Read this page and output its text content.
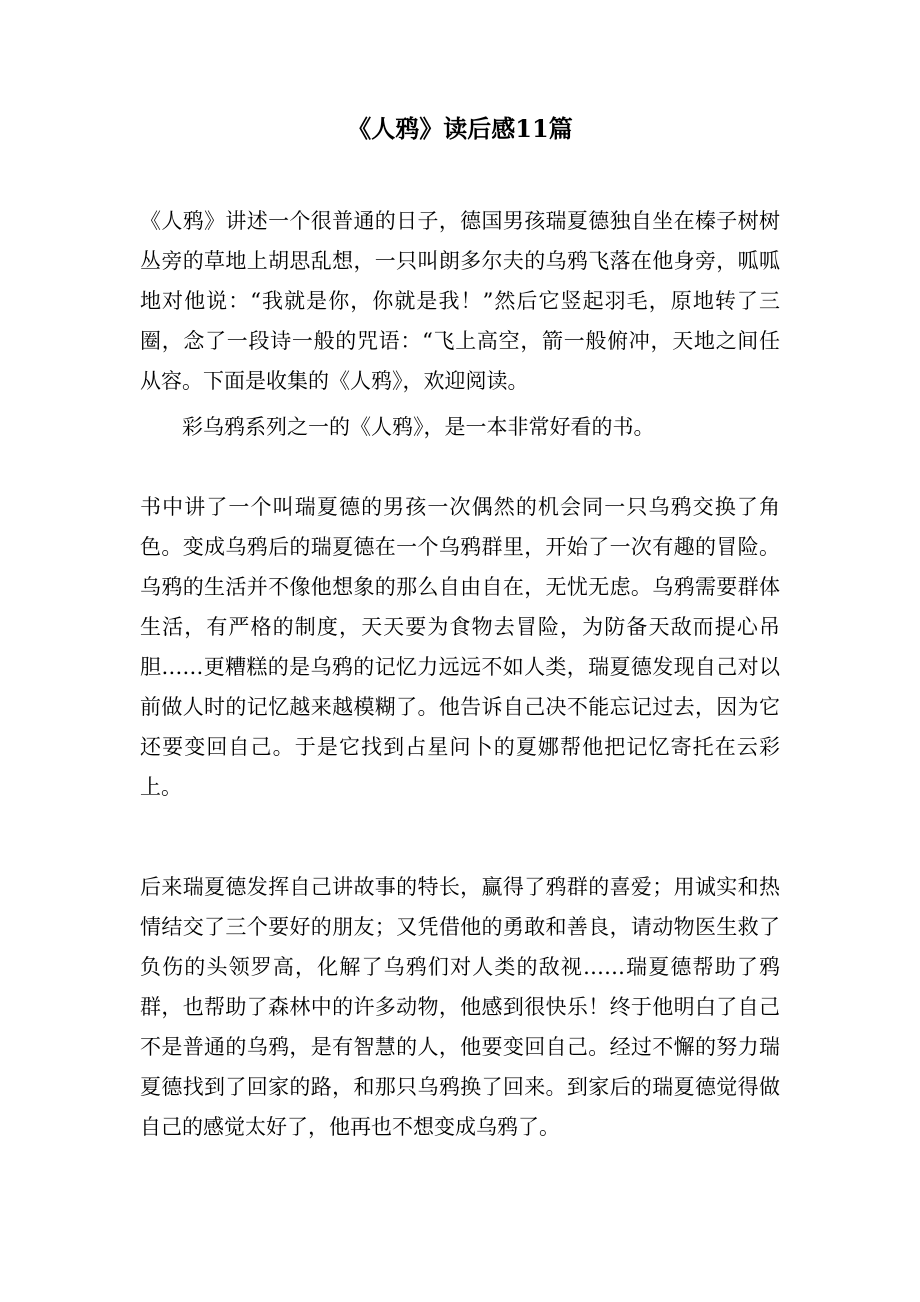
《人鸦》读后感11篇

《人鸦》讲述一个很普通的日子，德国男孩瑞夏德独自坐在榛子树树丛旁的草地上胡思乱想，一只叫朗多尔夫的乌鸦飞落在他身旁，呱呱地对他说：“我就是你，你就是我！”然后它竖起羽毛，原地转了三圈，念了一段诗一般的咒语：“飞上高空，箭一般俯冲，天地之间任从容。下面是收集的《人鸦》，欢迎阅读。

彩乌鸦系列之一的《人鸦》，是一本非常好看的书。

书中讲了一个叫瑞夏德的男孩一次偶然的机会同一只乌鸦交换了角色。变成乌鸦后的瑞夏德在一个乌鸦群里，开始了一次有趣的冒险。乌鸦的生活并不像他想象的那么自由自在，无忧无虑。乌鸦需要群体生活，有严格的制度，天天要为食物去冒险，为防备天敌而提心吊胆……更糟糕的是乌鸦的记忆力远远不如人类，瑞夏德发现自己对以前做人时的记忆越来越模糊了。他告诉自己决不能忘记过去，因为它还要变回自己。于是它找到占星问卜的夏娜帮他把记忆寄托在云彩上。

后来瑞夏德发挥自己讲故事的特长，赢得了鸦群的喜爱；用诚实和热情结交了三个要好的朋友；又凭借他的勇敢和善良，请动物医生救了负伤的头领罗高，化解了乌鸦们对人类的敌视……瑞夏德帮助了鸦群，也帮助了森林中的许多动物，他感到很快乐！终于他明白了自己不是普通的乌鸦，是有智慧的人，他要变回自己。经过不懈的努力瑞夏德找到了回家的路，和那只乌鸦换了回来。到家后的瑞夏德觉得做自己的感觉太好了，他再也不想变成乌鸦了。
